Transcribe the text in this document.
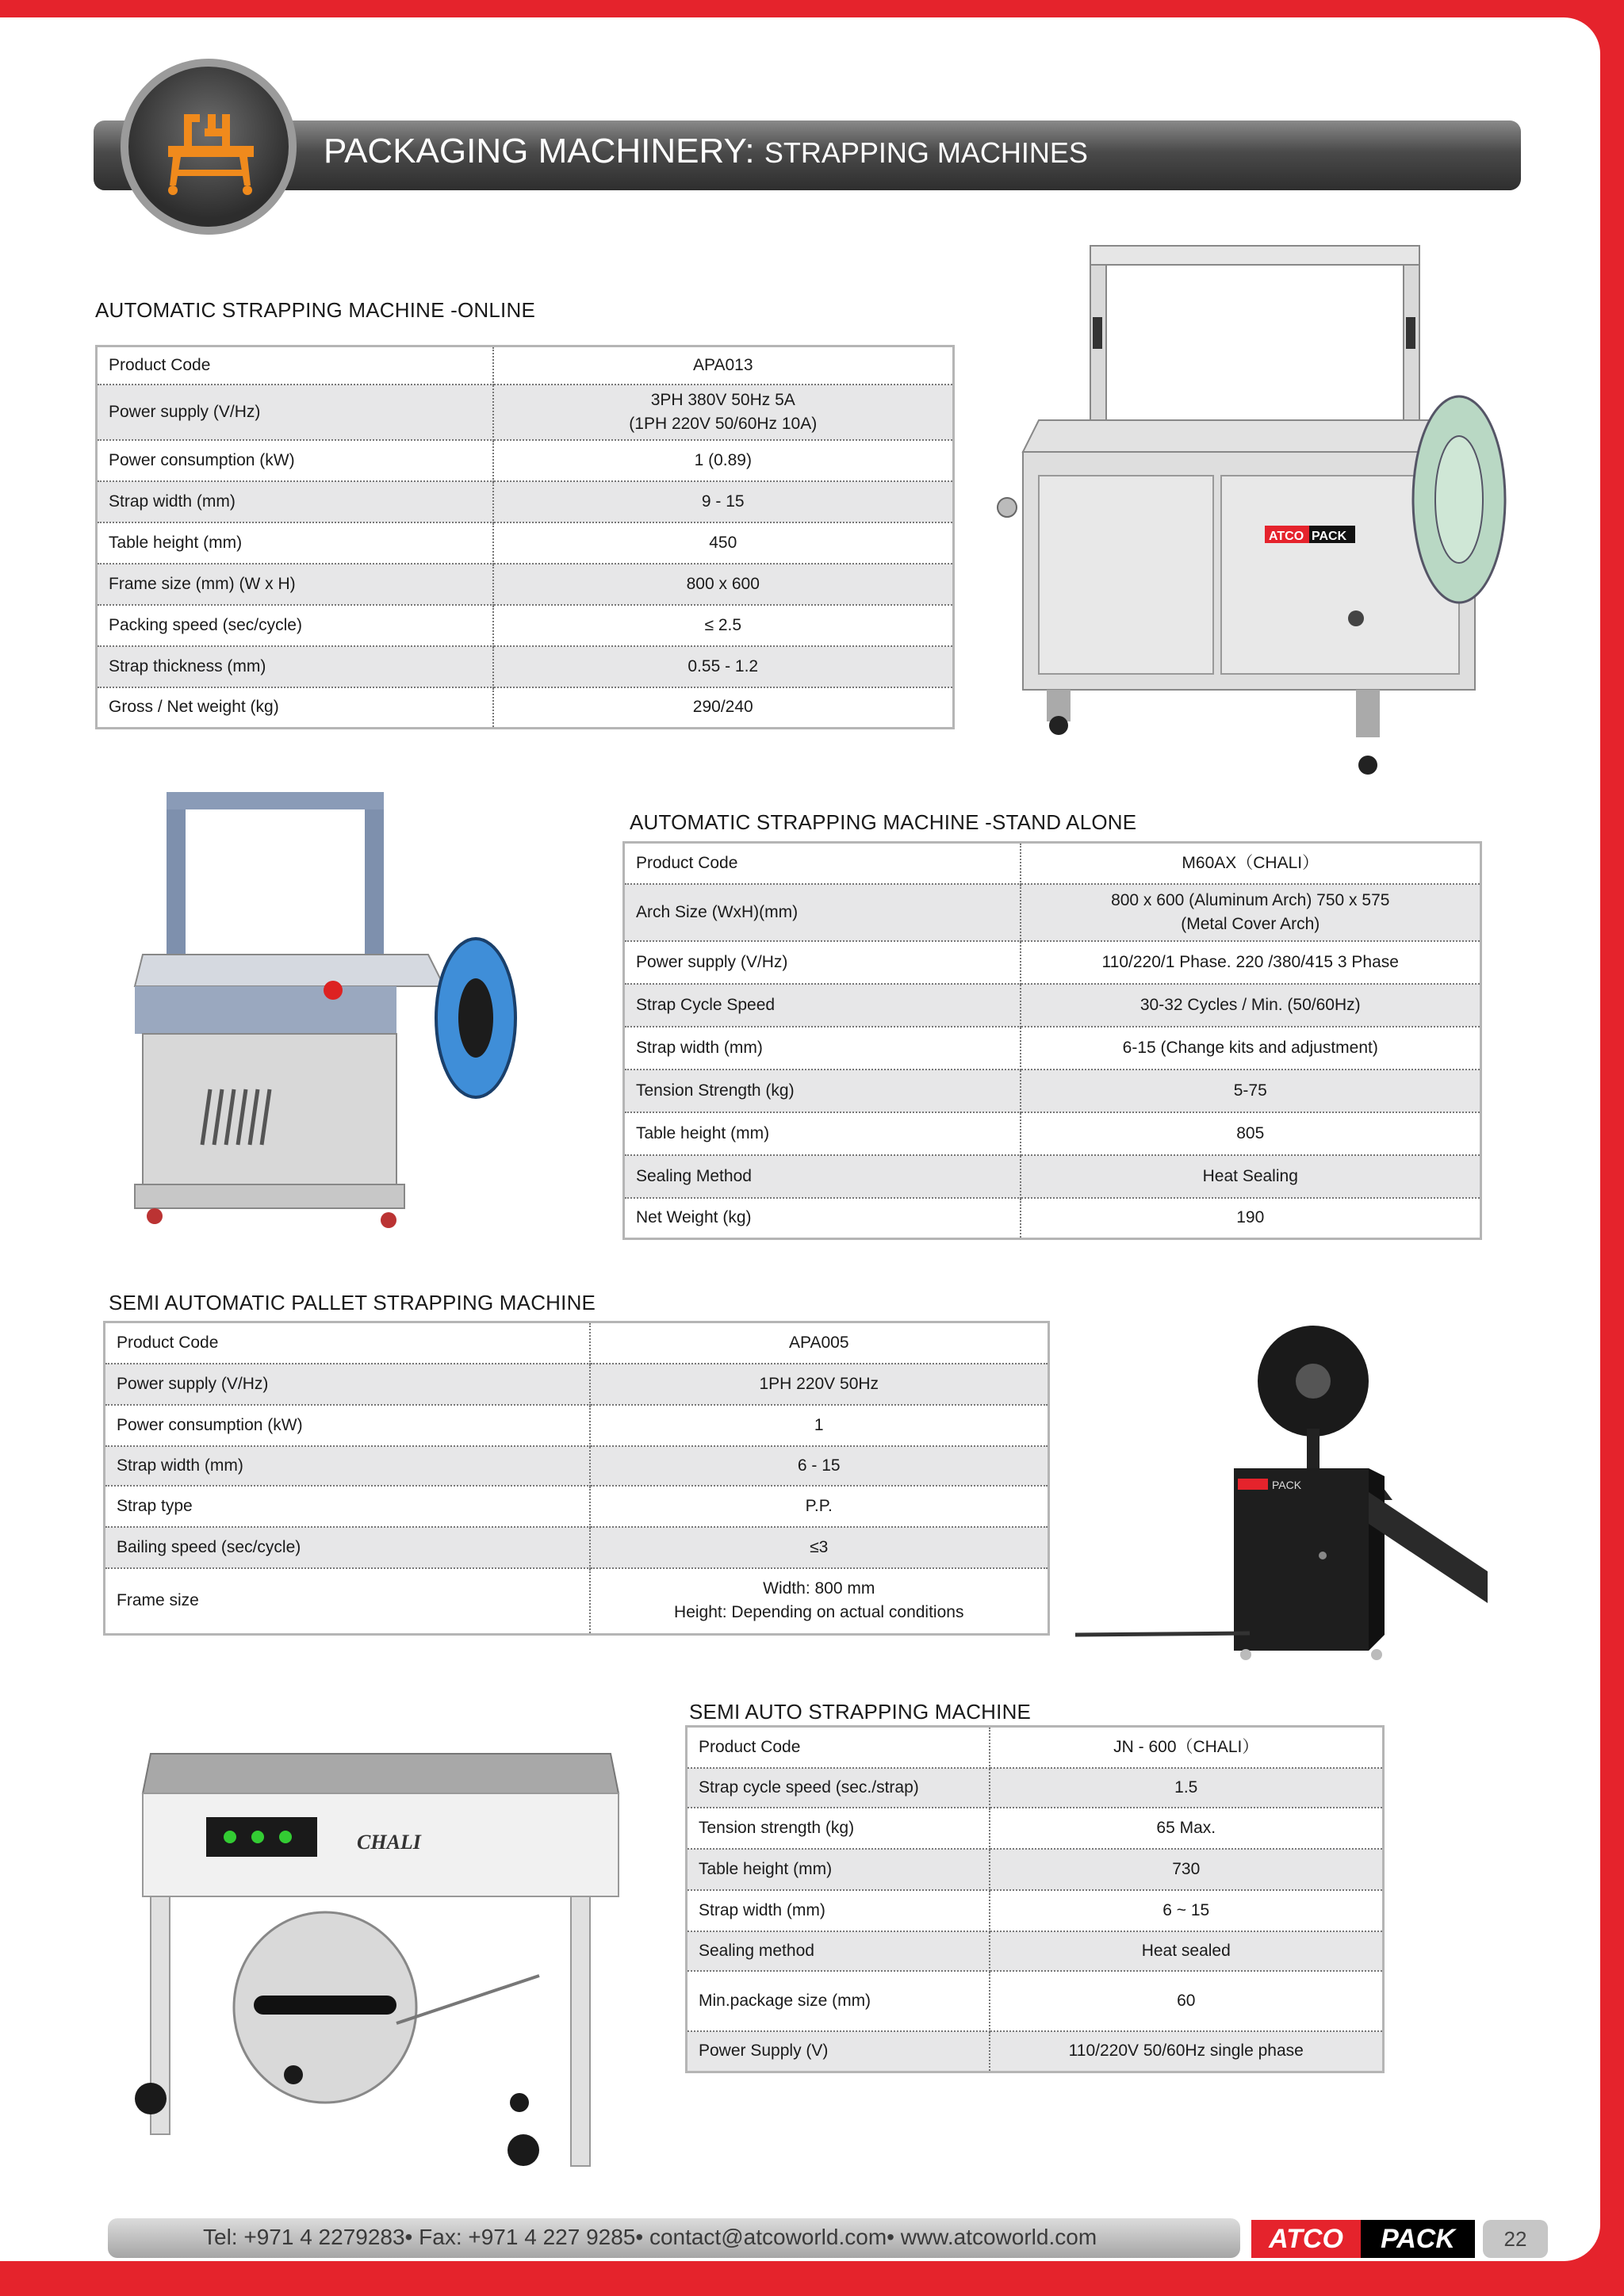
PACKAGING MACHINERY: STRAPPING MACHINES
AUTOMATIC STRAPPING MACHINE -ONLINE
Product Code	APA013

Power supply (V/Hz)	3PH 380V 50Hz 5A
(1PH 220V 50/60Hz 10A)

Power consumption (kW)	1 (0.89)

Strap width (mm)	9 - 15

Table height (mm)	450

Frame size (mm) (W x H)	800 x 600

Packing speed (sec/cycle)	≤ 2.5

Strap thickness (mm)	0.55 - 1.2

Gross / Net weight (kg)	290/240
ATCO PACK
AUTOMATIC STRAPPING MACHINE -STAND ALONE
Product Code	M60AX（CHALI）

Arch Size (WxH)(mm)	800 x 600 (Aluminum Arch) 750 x 575
(Metal Cover Arch)

Power supply (V/Hz)	110/220/1 Phase. 220 /380/415 3 Phase

Strap Cycle Speed	30-32 Cycles / Min. (50/60Hz)

Strap width (mm)	6-15 (Change kits and adjustment)

Tension Strength (kg)	5-75

Table height (mm)	805

Sealing Method	Heat Sealing

Net Weight (kg)	190
SEMI AUTOMATIC PALLET STRAPPING MACHINE
Product Code	APA005

Power supply (V/Hz)	1PH 220V 50Hz

Power consumption (kW)	1

Strap width (mm)	6 - 15

Strap type	P.P.

Bailing speed (sec/cycle)	≤3

Frame size	Width: 800 mm
Height: Depending on actual conditions
PACK
CHALI
SEMI AUTO STRAPPING MACHINE
Product Code	JN - 600（CHALI）

Strap cycle speed (sec./strap)	1.5

Tension strength (kg)	65 Max.

Table height (mm)	730

Strap width (mm)	6 ~ 15

Sealing method	Heat sealed

Min.package size (mm)	60

Power Supply (V)	110/220V 50/60Hz single phase
Tel: +971 4 2279283• Fax: +971 4 227 9285• contact@atcoworld.com• www.atcoworld.com	ATCO	PACK	22
